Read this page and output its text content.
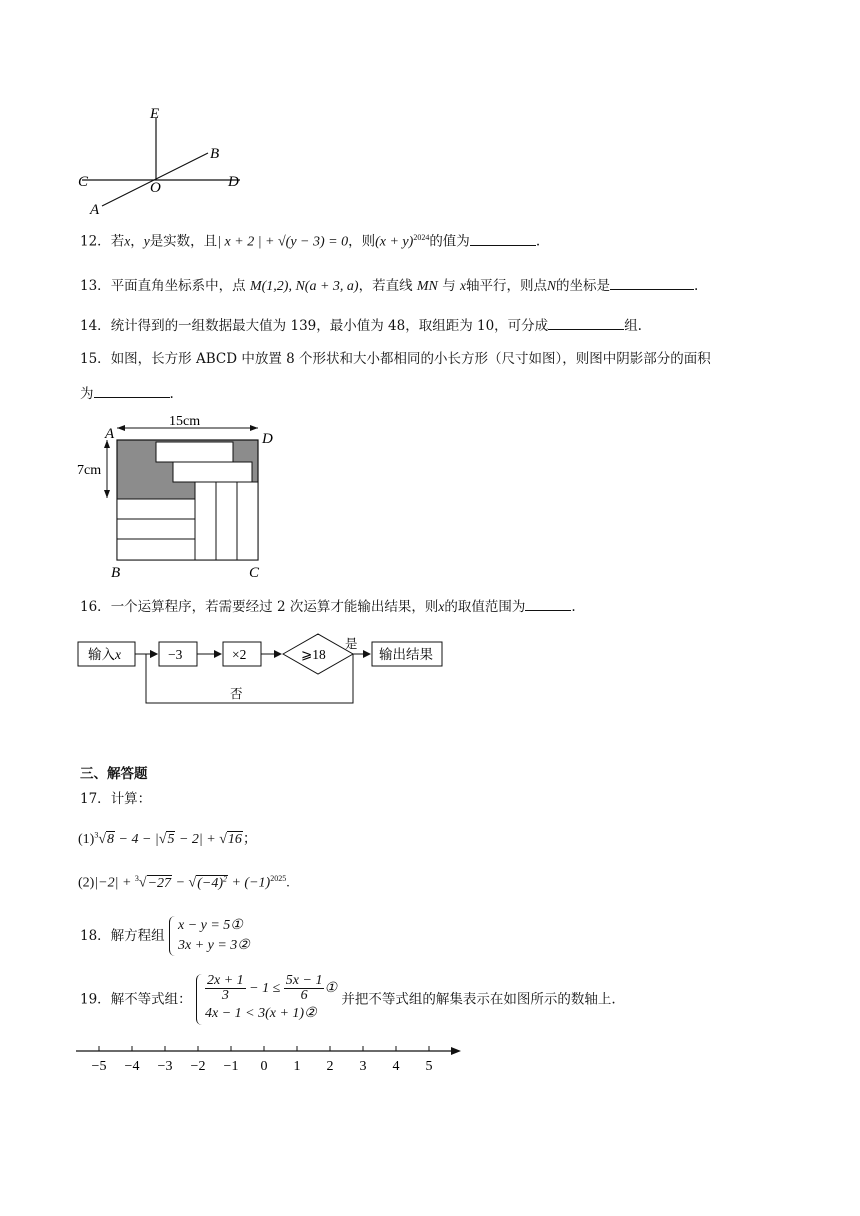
E
B
C	O	D
A
12．若x，y是实数，且| x + 2 | + √(y − 3) = 0，则$(x + y)^{2024}$的值为	.
13．平面直角坐标系中，点 M(1,2), N(a + 3, a)，若直线 MN 与 x轴平行，则点N的坐标是	.
14．统计得到的一组数据最大值为 139，最小值为 48，取组距为 10，可分成	组.
15．如图，长方形 ABCD 中放置 8 个形状和大小都相同的小长方形（尺寸如图），则图中阴影部分的面积
为	.
15cm
7cm
A	D
B	C
16．一个运算程序，若需要经过 2 次运算才能输出结果，则x的取值范围为	.
输入x	−3	×2	⩾18
是
输出结果
否
三、解答题
17．计算：
$(1)^3√8 - 4 - |√5 - 2| + √16$；
$(2)|-2| + ^3√-27 - √(-4)^2 + (-1)^{2025}$.
18．解方程组 x − y = 5①
3x + y = 3②
19．解不等式组： $\frac{2x + 1}{3} - 1 \le \frac{5x - 1}{6}$ ①
4x − 1 < 3(x + 1)② 并把不等式组的解集表示在如图所示的数轴上.
−5 −4 −3 −2 −1 0 1 2 3 4 5
